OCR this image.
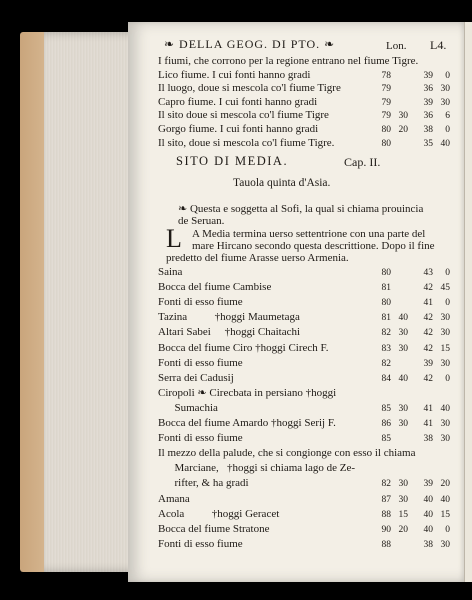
❧ DELLA GEOG. DI PTO. ❧	Lon. L4.
SITO DI MEDIA.	Cap. II.
Tauola quinta d'Asia.
❧ Questa e soggetta al Sofi, la qual si chiama prouincia
de Seruan.
L A Media termina uerso settentrione con una parte del
mare Hircano secondo questa descrittione. Dopo il fine
predetto del fiume Arasse uerso Armenia.
I fiumi, che corrono per la regione entrano nel fiume Tigre.
Lico fiume. I cui fonti hanno gradi	78	39	0
Il luogo, doue si mescola co'l fiume Tigre	79	36 30
Capro fiume. I cui fonti hanno gradi	79	39 30
Il sito doue si mescola co'l fiume Tigre	79 30	36	6
Gorgo fiume. I cui fonti hanno gradi	80 20	38	0
Il sito, doue si mescola co'l fiume Tigre.	80	35 40
Saina	80	43	0
Bocca del fiume Cambise	81	42 45
Fonti di esso fiume	80	41	0
Tazina          †hoggi Maumetaga	81 40	42 30
Altari Sabei     †hoggi Chaitachi	82 30	42 30
Bocca del fiume Ciro †hoggi Cirech F.	83 30	42 15
Fonti di esso fiume	82	39 30
Serra dei Cadusij	84 40	42	0
Ciropoli ❧ Cirecbata in persiano †hoggi
Sumachia	85 30	41 40
Bocca del fiume Amardo †hoggi Serij F.	86 30	41 30
Fonti di esso fiume	85	38 30
Il mezzo della palude, che si congionge con esso il chiama
Marciane,   †hoggi si chiama lago de Ze-
rifter, & ha gradi	82 30	39 20
Amana	87 30	40 40
Acola          †hoggi Geracet	88 15	40 15
Bocca del fiume Stratone	90 20	40	0
Fonti di esso fiume	88	38 30
